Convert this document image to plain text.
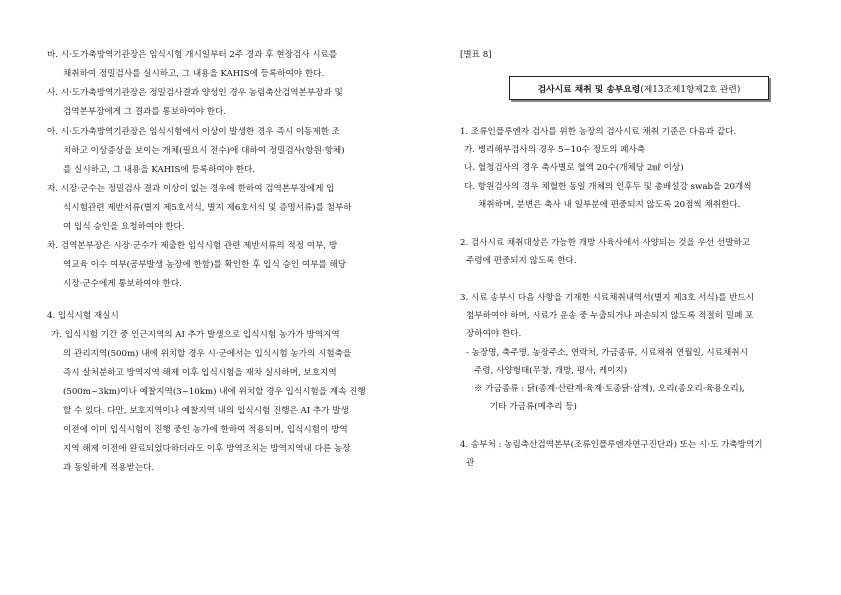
바. 시·도가축방역기관장은 임식시험 개시일부터 2주 경과 후 현장검사 시료를
채취하여 정밀검사를 실시하고, 그 내용을 KAHIS에 등록하여야 한다.
사. 시·도가축방역기관장은 정밀검사결과 양성인 경우 농림축산검역본부장과 및
검역본부장에게 그 결과를 통보하여야 한다.
아. 시·도가축방역기관장은 임식시험에서 이상이 발생한 경우 즉시 이동제한 조
치하고 이상증상을 보이는 개체(필요시 전수)에 대하여 정밀검사(항원·항체)
를 실시하고, 그 내용을 KAHIS에 등록하여야 한다.
자. 시장·군수는 정밀검사 결과 이상이 없는 경우에 한하여 검역본부장에게 입
식시험관련 제반서류(별지 제5호서식, 별지 제6호서식 및 증명서류)를 첨부하
여 입식 승인을 요청하여야 한다.
차. 검역본부장은 시장·군수가 제출한 임식시험 관련 제반서류의 적정 여부, 방
역교육 이수 여부(공부발생 농장에 한함)를 확인한 후 입식 승인 여부를 해당
시장·군수에게 통보하여야 한다.
4. 입식시험 재실시
가. 입식시험 기간 중 인근지역의 AI 추가 발생으로 입식시험 농가가 방역지역
의 관리지역(500m) 내에 위치할 경우 시·군에서는 입식시험 농가의 시험축을
즉시 살처분하고 방역지역 해제 이후 입식시험을 재차 실시하며, 보호지역
(500m~3km)이나 예찰지역(3~10km) 내에 위치할 경우 입식시험을 계속 진행
할 수 있다. 다만, 보호지역이나 예찰지역 내의 입식시험 진행은 AI 추가 발생
이전에 이미 입식시험이 진행 중인 농가에 한하여 적용되며, 입식시험이 방역
지역 해제 이전에 완료되었다하더라도 이후 방역조치는 방역지역내 다른 농장
과 동일하게 적용받는다.
[별표 8]
검사시료 채취 및 송부요령(제13조제1항제2호 관련)
1. 조류인플루엔자 검사를 위한 농장의 검사시료 채취 기준은 다음과 같다.
가. 병리해부검사의 경우 5~10수 정도의 폐사축
나. 혈청검사의 경우 축사별로 혈액 20수(개체당 2㎖ 이상)
다. 항원검사의 경우 채혈한 동일 개체의 인후두 및 총배설강 swab을 20개씩
채취하며, 분변은 축사 내 일부분에 편중되지 않도록 20점씩 채취한다.
2. 검사시료 채취대상은 가능한 개방 사육사에서 사양되는 것을 우선 선발하고
주령에 편중되지 않도록 한다.
3. 시료 송부시 다음 사항을 기재한 시료채취내역서(별지 제3호 서식)를 반드시
첨부하여야 하며, 시료가 운송 중 누출되거나 파손되지 않도록 적절히 밀폐 포
장하여야 한다.
- 농장명, 축주명, 농장주소, 연락처, 가금종류, 시료채취 연월일, 시료채취시
주령, 사양형태(무창, 개방, 평사, 케이지)
※ 가금종류 : 닭(종계·산란계·육계·토종닭·삼계), 오리(종오리·육용오리),
기타 가금류(메추리 등)
4. 송부처 : 농림축산검역본부(조류인플루엔자연구진단과) 또는 시·도 가축방역기
관
